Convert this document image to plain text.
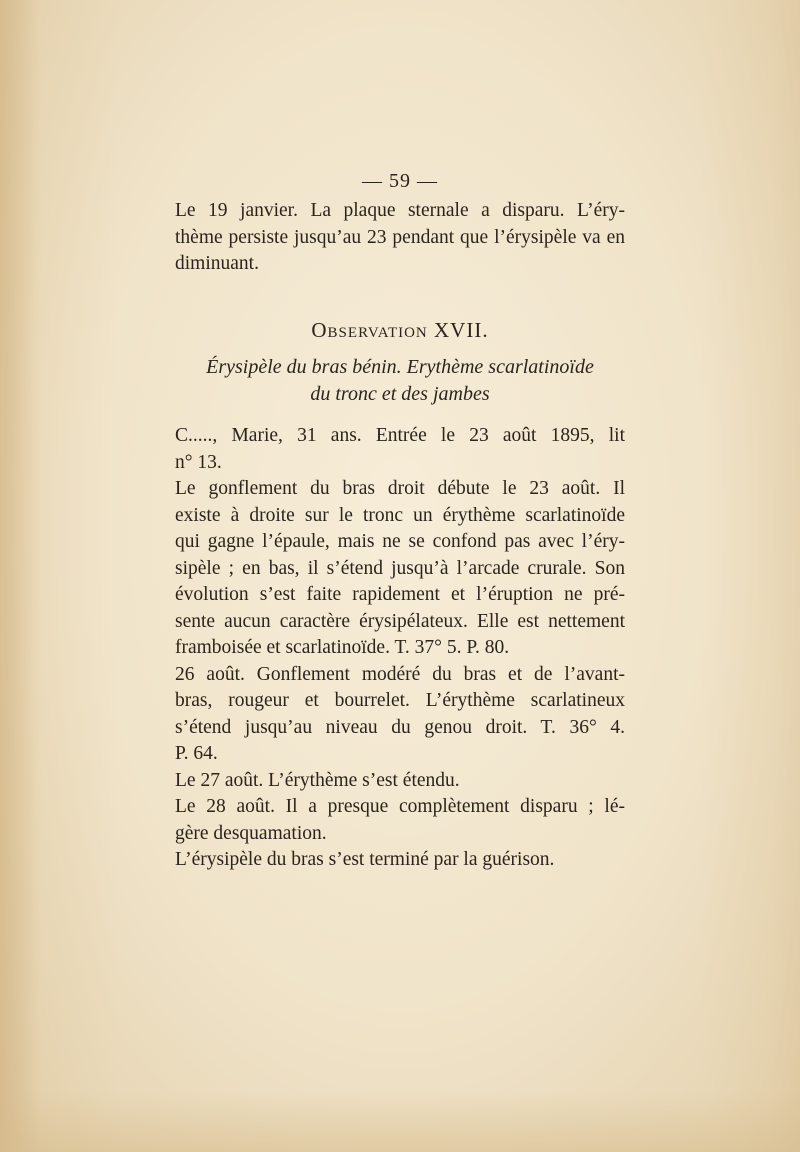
— 59 —
Le 19 janvier. La plaque sternale a disparu. L’éry-
thème persiste jusqu’au 23 pendant que l’érysipèle va en
diminuant.
Observation XVII.
Érysipèle du bras bénin. Erythème scarlatinoïde
du tronc et des jambes
C....., Marie, 31 ans. Entrée le 23 août 1895, lit
n° 13.
Le gonflement du bras droit débute le 23 août. Il
existe à droite sur le tronc un érythème scarlatinoïde
qui gagne l’épaule, mais ne se confond pas avec l’éry-
sipèle ; en bas, il s’étend jusqu’à l’arcade crurale. Son
évolution s’est faite rapidement et l’éruption ne pré-
sente aucun caractère érysipélateux. Elle est nettement
framboisée et scarlatinoïde. T. 37° 5. P. 80.
26 août. Gonflement modéré du bras et de l’avant-
bras, rougeur et bourrelet. L’érythème scarlatineux
s’étend jusqu’au niveau du genou droit. T. 36° 4.
P. 64.
Le 27 août. L’érythème s’est étendu.
Le 28 août. Il a presque complètement disparu ; lé-
gère desquamation.
L’érysipèle du bras s’est terminé par la guérison.
